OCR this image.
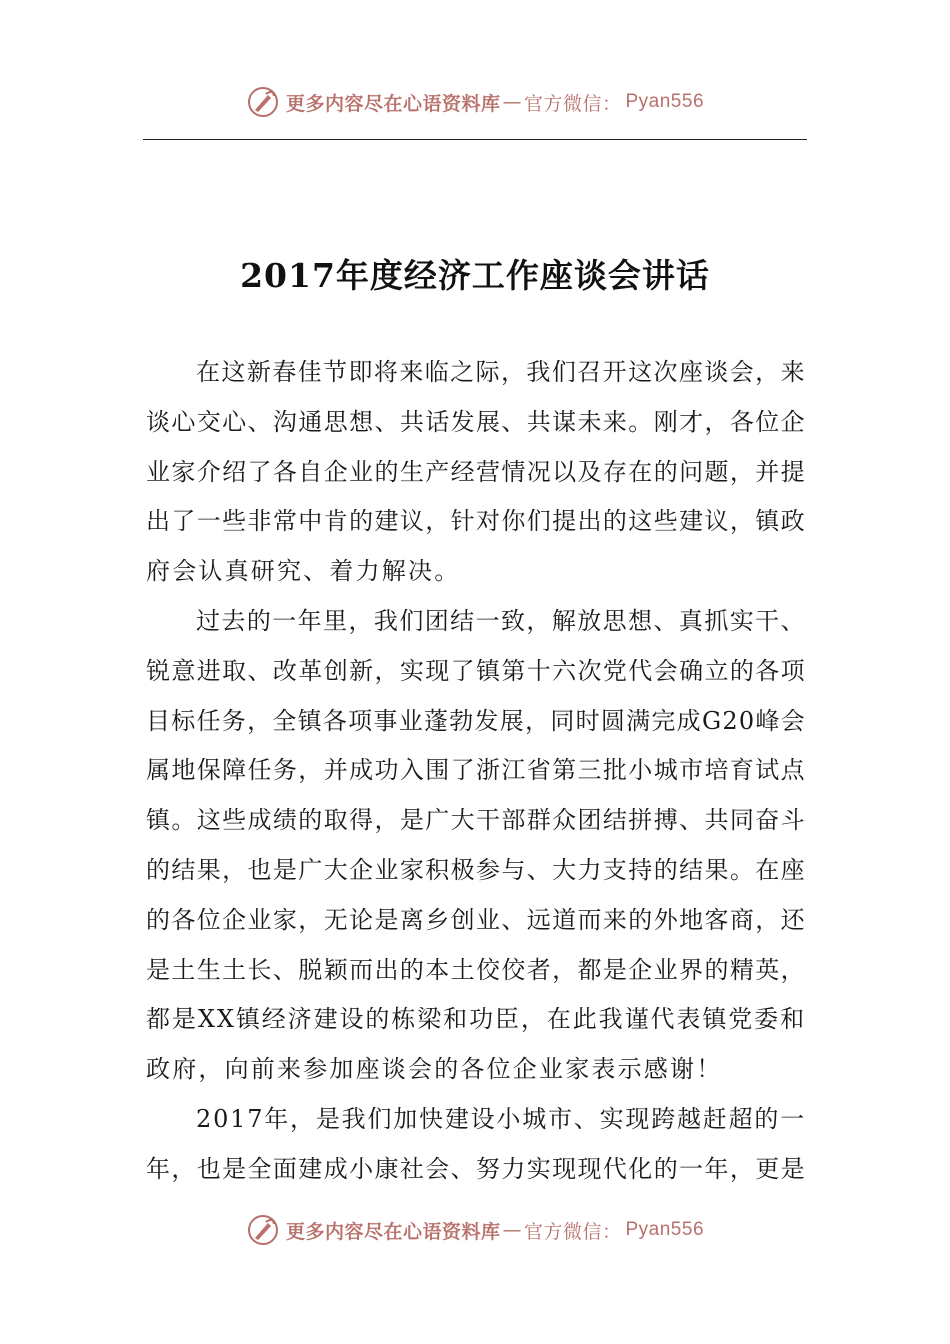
更多内容尽在心语资料库 — 官方微信： Pyan556
2017年度经济工作座谈会讲话
在这新春佳节即将来临之际，我们召开这次座谈会，来
谈心交心、沟通思想、共话发展、共谋未来。刚才，各位企
业家介绍了各自企业的生产经营情况以及存在的问题，并提
出了一些非常中肯的建议，针对你们提出的这些建议，镇政
府会认真研究、着力解决。
过去的一年里，我们团结一致，解放思想、真抓实干、
锐意进取、改革创新，实现了镇第十六次党代会确立的各项
目标任务，全镇各项事业蓬勃发展，同时圆满完成G20峰会
属地保障任务，并成功入围了浙江省第三批小城市培育试点
镇。这些成绩的取得，是广大干部群众团结拼搏、共同奋斗
的结果，也是广大企业家积极参与、大力支持的结果。在座
的各位企业家，无论是离乡创业、远道而来的外地客商，还
是土生土长、脱颖而出的本土佼佼者，都是企业界的精英，
都是XX镇经济建设的栋梁和功臣，在此我谨代表镇党委和
政府，向前来参加座谈会的各位企业家表示感谢！
2017年，是我们加快建设小城市、实现跨越赶超的一
年，也是全面建成小康社会、努力实现现代化的一年，更是
更多内容尽在心语资料库 — 官方微信： Pyan556
